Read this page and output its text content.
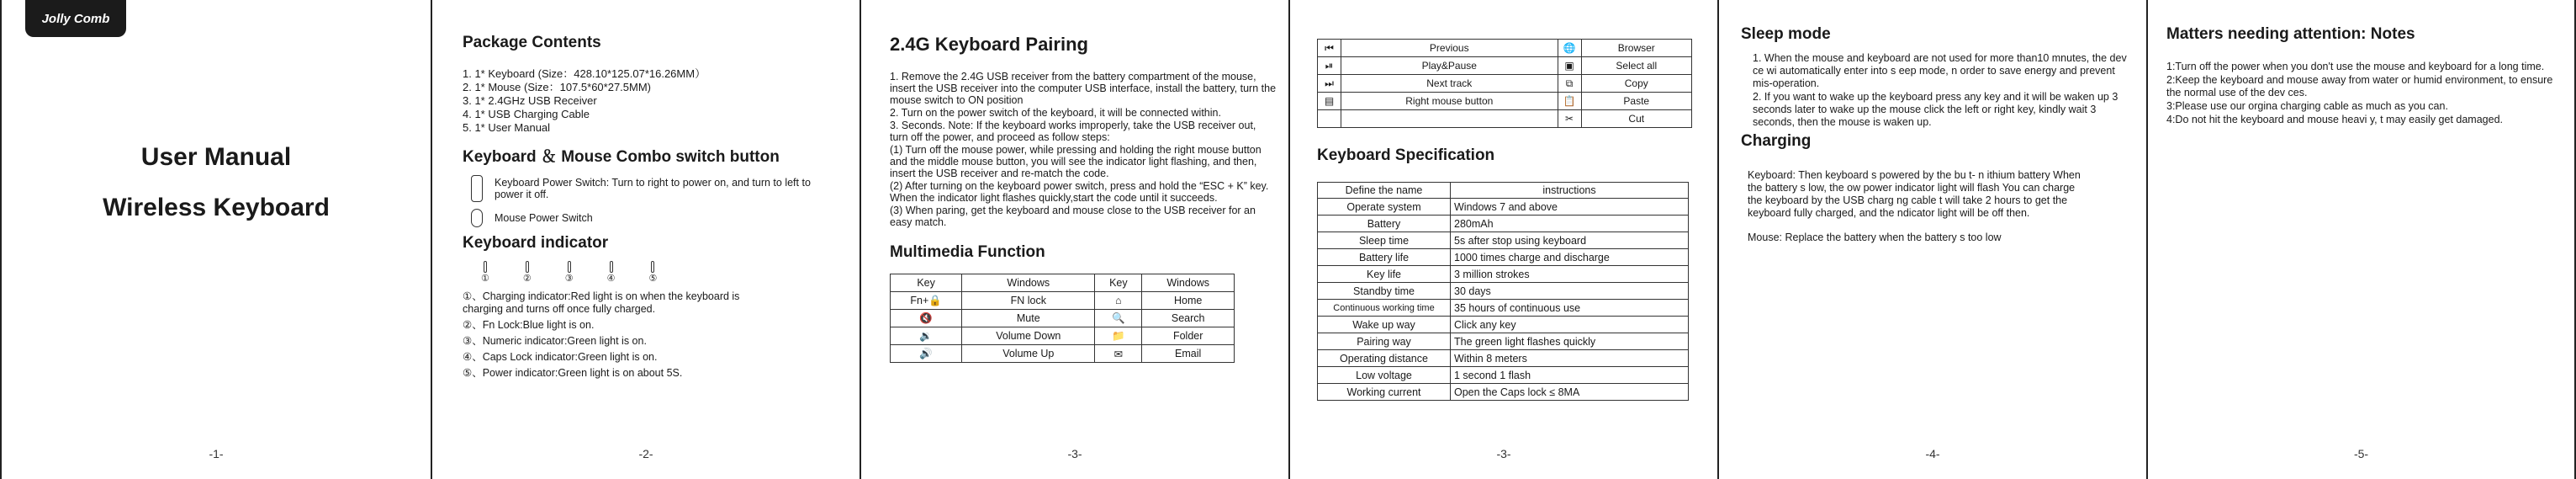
Jolly Comb
User Manual
Wireless Keyboard
-1-
Package Contents
1. 1* Keyboard (Size：428.10*125.07*16.26MM）
2. 1* Mouse (Size：107.5*60*27.5MM)
3. 1* 2.4GHz USB Receiver
4. 1* USB Charging Cable
5. 1* User Manual
Keyboard ＆ Mouse Combo switch button
Keyboard Power Switch: Turn to right to power on, and turn to left to power it off.
Mouse Power Switch
Keyboard indicator
①	②	③	④	⑤
①、Charging indicator:Red light is on when the keyboard is charging and turns off once fully charged.
②、Fn Lock:Blue light is on.
③、Numeric indicator:Green light is on.
④、Caps Lock indicator:Green light is on.
⑤、Power indicator:Green light is on about 5S.
-2-
2.4G Keyboard Pairing
1. Remove the 2.4G USB receiver from the battery compartment of the mouse, insert the USB receiver into the computer USB interface, install the battery, turn the mouse switch to ON position
2. Turn on the power switch of the keyboard, it will be connected within.
3. Seconds. Note: If the keyboard works improperly, take the USB receiver out, turn off the power, and proceed as follow steps:
(1) Turn off the mouse power, while pressing and holding the right mouse button and the middle mouse button, you will see the indicator light flashing, and then, insert the USB receiver and re-match the code.
(2) After turning on the keyboard power switch, press and hold the “ESC + K” key. When the indicator light flashes quickly,start the code until it succeeds.
(3) When paring, get the keyboard and mouse close to the USB receiver for an easy match.
Multimedia Function
Key	Windows	Key	Windows
Fn+🔒	FN lock	⌂	Home
🔇	Mute	🔍	Search
🔉	Volume Down	📁	Folder
🔊	Volume Up	✉	Email
-3-
⏮	Previous	🌐	Browser
⏯	Play&Pause	▣	Select all
⏭	Next track	⧉	Copy
▤	Right mouse button	📋	Paste
		✂	Cut
Keyboard Specification
Define the name	instructions
Operate system	Windows 7 and above
Battery	280mAh
Sleep time	5s after stop using keyboard
Battery life	1000 times charge and discharge
Key life	3 million strokes
Standby time	30 days
Continuous working time	35 hours of continuous use
Wake up way	Click any key
Pairing way	The green light flashes quickly
Operating distance	Within 8 meters
Low voltage	1 second 1 flash
Working current	Open the Caps lock ≤ 8MA
-3-
Sleep mode
1. When the mouse and keyboard are not used for more than10 mnutes, the dev ce wi automatically enter into s eep mode, n order to save energy and prevent mis-operation.
2. If you want to wake up the keyboard press any key and it will be waken up 3 seconds later to wake up the mouse click the left or right key, kindly wait 3 seconds, then the mouse is waken up.
Charging

Keyboard: Then keyboard s powered by the bu t- n ithium battery When the battery s low, the ow power indicator light will flash You can charge the keyboard by the USB charg ng cable t will take 2 hours to get the keyboard fully charged, and the ndicator light will be off then.

Mouse: Replace the battery when the battery s too low

-4-
Matters needing attention: Notes
1:Turn off the power when you don't use the mouse and keyboard for a long time.
2:Keep the keyboard and mouse away from water or humid environment, to ensure the normal use of the dev ces.
3:Please use our orgina charging cable as much as you can.
4:Do not hit the keyboard and mouse heavi y, t may easily get damaged.
-5-
